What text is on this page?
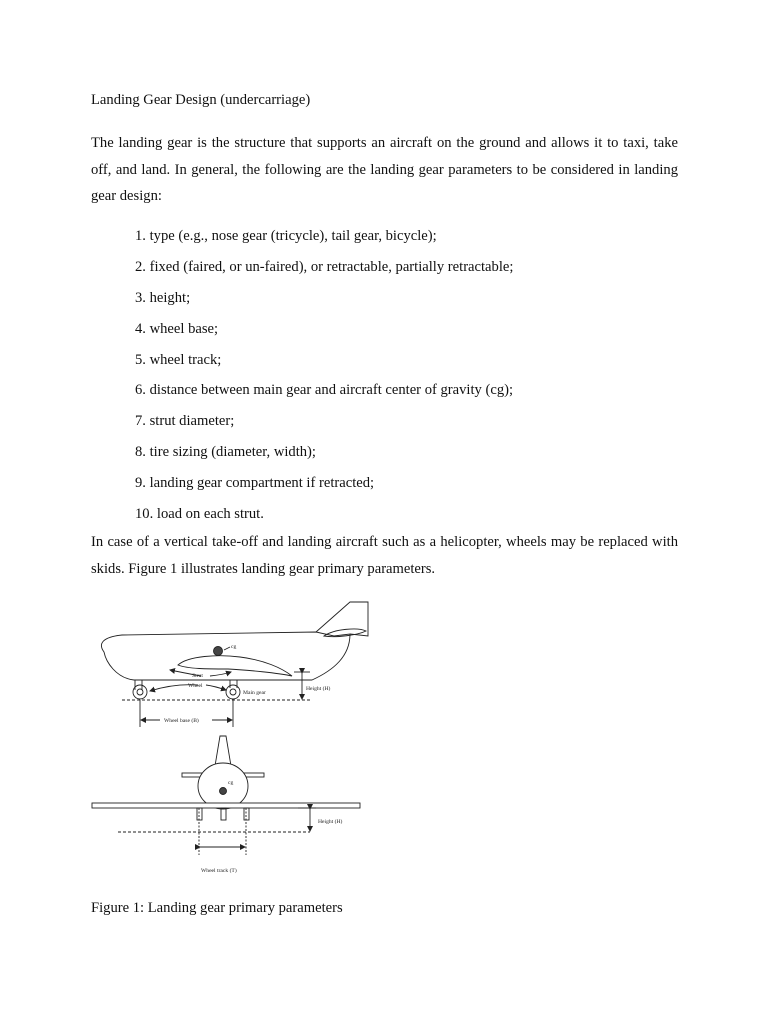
Landing Gear Design (undercarriage)

The landing gear is the structure that supports an aircraft on the ground and allows it to taxi, take off, and land. In general, the following are the landing gear parameters to be considered in landing gear design:

1. type (e.g., nose gear (tricycle), tail gear, bicycle);
2. fixed (faired, or un-faired), or retractable, partially retractable;
3. height;
4. wheel base;
5. wheel track;
6. distance between main gear and aircraft center of gravity (cg);
7. strut diameter;
8. tire sizing (diameter, width);
9. landing gear compartment if retracted;
10. load on each strut.

In case of a vertical take-off and landing aircraft such as a helicopter, wheels may be replaced with skids. Figure 1 illustrates landing gear primary parameters.

cg
Strut
Wheel
Main gear
Height (H)
Wheel base (B)
cg
Height (H)
Wheel track (T)

Figure 1: Landing gear primary parameters
